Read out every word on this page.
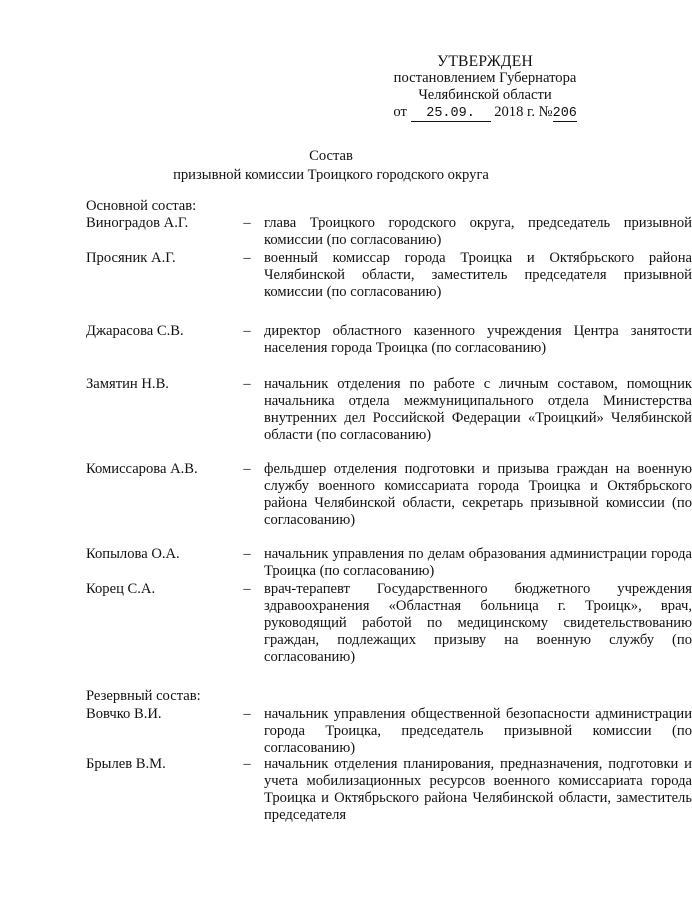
УТВЕРЖДЕН
постановлением Губернатора
Челябинской области
от 25.09. 2018 г. №206
Состав
призывной комиссии Троицкого городского округа
Основной состав:
Виноградов А.Г.	– глава Троицкого городского округа, председатель призывной комиссии (по согласованию)
Просяник А.Г.	– военный комиссар города Троицка и Октябрьского района Челябинской области, заместитель председателя призывной комиссии (по согласованию)
Джарасова С.В.	– директор областного казенного учреждения Центра занятости населения города Троицка (по согласованию)
Замятин Н.В.	– начальник отделения по работе с личным составом, помощник начальника отдела межмуниципального отдела Министерства внутренних дел Российской Федерации «Троицкий» Челябинской области (по согласованию)
Комиссарова А.В.	– фельдшер отделения подготовки и призыва граждан на военную службу военного комиссариата города Троицка и Октябрьского района Челябинской области, секретарь призывной комиссии (по согласованию)
Копылова О.А.	– начальник управления по делам образования администрации города Троицка (по согласованию)
Корец С.А.	– врач-терапевт Государственного бюджетного учреждения здравоохранения «Областная больница г. Троицк», врач, руководящий работой по медицинскому свидетельствованию граждан, подлежащих призыву на военную службу (по согласованию)
Резервный состав:
Вовчко В.И.	– начальник управления общественной безопасности администрации города Троицка, председатель призывной комиссии (по согласованию)
Брылев В.М.	– начальник отделения планирования, предназначения, подготовки и учета мобилизационных ресурсов военного комиссариата города Троицка и Октябрьского района Челябинской области, заместитель председателя
